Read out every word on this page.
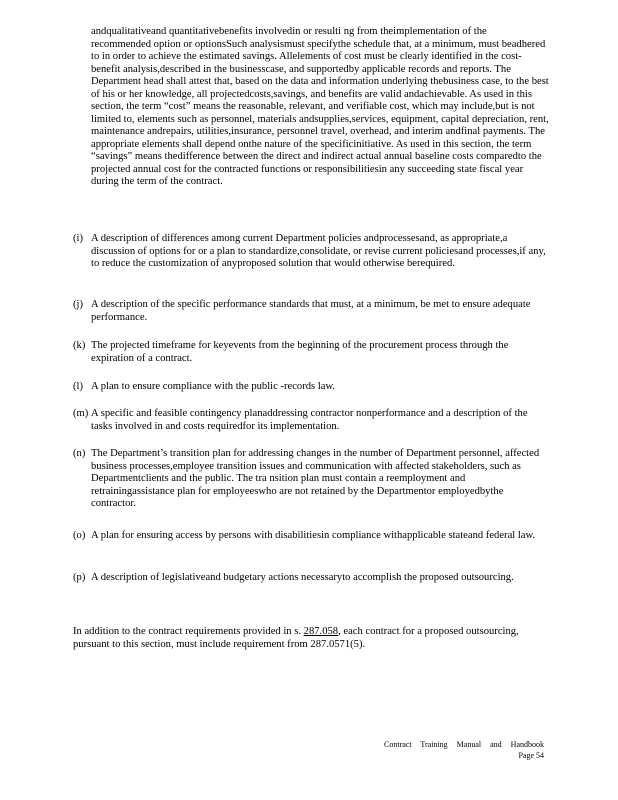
andqualitativeand quantitativebenefits involvedin or resulti ng from theimplementation of the recommended option or optionsSuch analysismust specifythe schedule that, at a minimum, must beadhered to in order to achieve the estimated savings. Allelements of cost must be clearly identified in the cost-benefit analysis,described in the businesscase, and supportedby applicable records and reports. The Department head shall attest that, based on the data and information underlying thebusiness case, to the best of his or her knowledge, all projectedcosts,savings, and benefits are valid andachievable. As used in this section, the term “cost” means the reasonable, relevant, and verifiable cost, which may include,but is not limited to, elements such as personnel, materials andsupplies,services, equipment, capital depreciation, rent, maintenance andrepairs, utilities,insurance, personnel travel, overhead, and interim andfinal payments. The appropriate elements shall depend onthe nature of the specificinitiative. As used in this section, the term “savings” means thedifference between the direct and indirect actual annual baseline costs comparedto the projected annual cost for the contracted functions or responsibilitiesin any succeeding state fiscal year during the term of the contract.
(i) A description of differences among current Department policies andprocessesand, as appropriate,a discussion of options for or a plan to standardize,consolidate, or revise current policiesand processes,if any, to reduce the customization of anyproposed solution that would otherwise berequired.
(j) A description of the specific performance standards that must, at a minimum, be met to ensure adequate performance.
(k) The projected timeframe for keyevents from the beginning of the procurement process through the expiration of a contract.
(l) A plan to ensure compliance with the public -records law.
(m) A specific and feasible contingency planaddressing contractor nonperformance and a description of the tasks involved in and costs requiredfor its implementation.
(n) The Department’s transition plan for addressing changes in the number of Department personnel, affected business processes,employee transition issues and communication with affected stakeholders, such as Departmentclients and the public. The tra nsition plan must contain a reemployment and retrainingassistance plan for employeeswho are not retained by the Departmentor employedbythe contractor.
(o) A plan for ensuring access by persons with disabilitiesin compliance withapplicable stateand federal law.
(p) A description of legislativeand budgetary actions necessaryto accomplish the proposed outsourcing.
In addition to the contract requirements provided in s. 287.058, each contract for a proposed outsourcing, pursuant to this section, must include requirement from 287.0571(5).
Contract Training Manual and Handbook
Page 54
